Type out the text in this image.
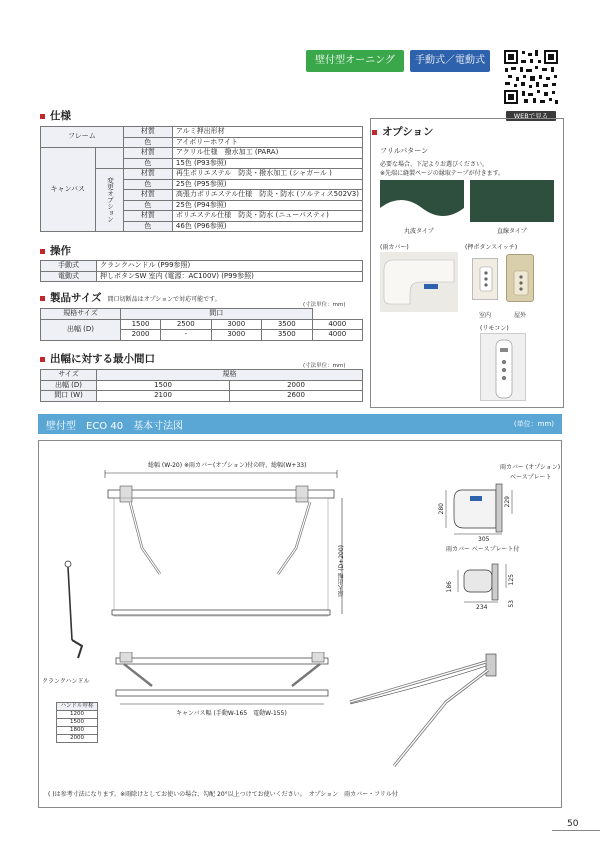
壁付型オーニング	手動式／電動式
WEBで見る
仕様
フレーム		材質	アルミ押出形材
		色	アイボリーホワイト
キャンバス		材質	アクリル仕様　撥水加工 (PARA)
		色	15色 (P93参照)
	変更オプション	材質	再生ポリエステル　防炎・撥水加工 (シャガール )
		色	25色 (P95参照)
		材質	高張力ポリエステル仕様　防炎・防水 (ソルティス502V3)
		色	25色 (P94参照)
		材質	ポリエステル仕様　防炎・防水 (ニューパスティ)
		色	46色 (P96参照)
操作
手動式	クランクハンドル (P99参照)
電動式	押しボタンSW 室内 (電源：AC100V) (P99参照)
製品サイズ 間口切断品はオプションで対応可能です。
(寸法単位：mm)
規格サイズ	間口				
出幅 (D)	1500	2500	3000	3500	4000
	2000	-	3000	3500	4000
出幅に対する最小間口
(寸法単位：mm)
サイズ	規格	
出幅 (D)	1500	2000
間口 (W)	2100	2600
オプション
フリルパターン
必要な場合、下記よりお選びください。
※先端に縫製ページの縁取テープが付きます。
丸波タイプ	直線タイプ
(雨カバー)	(押ボタンスイッチ)
室内	屋外
(リモコン)
壁付型　ECO 40　基本寸法図	(単位：mm)
総幅 (W-20) ※雨カバー(オプション)付の時、総幅(W+33)
最大出幅 (D+200)
クランクハンドル
ハンドル呼称
1200
1500
1800
2000
キャンバス幅 (手動W-165　電動W-155)
雨カバー (オプション)
ベースプレート
280
229
305
雨カバー ベースプレート付
186
125
234	53
( )は参考寸法になります。※雨除けとしてお使いの場合、勾配 20°以上つけてお使いください。　オプション　雨カバー・フリル付
50
